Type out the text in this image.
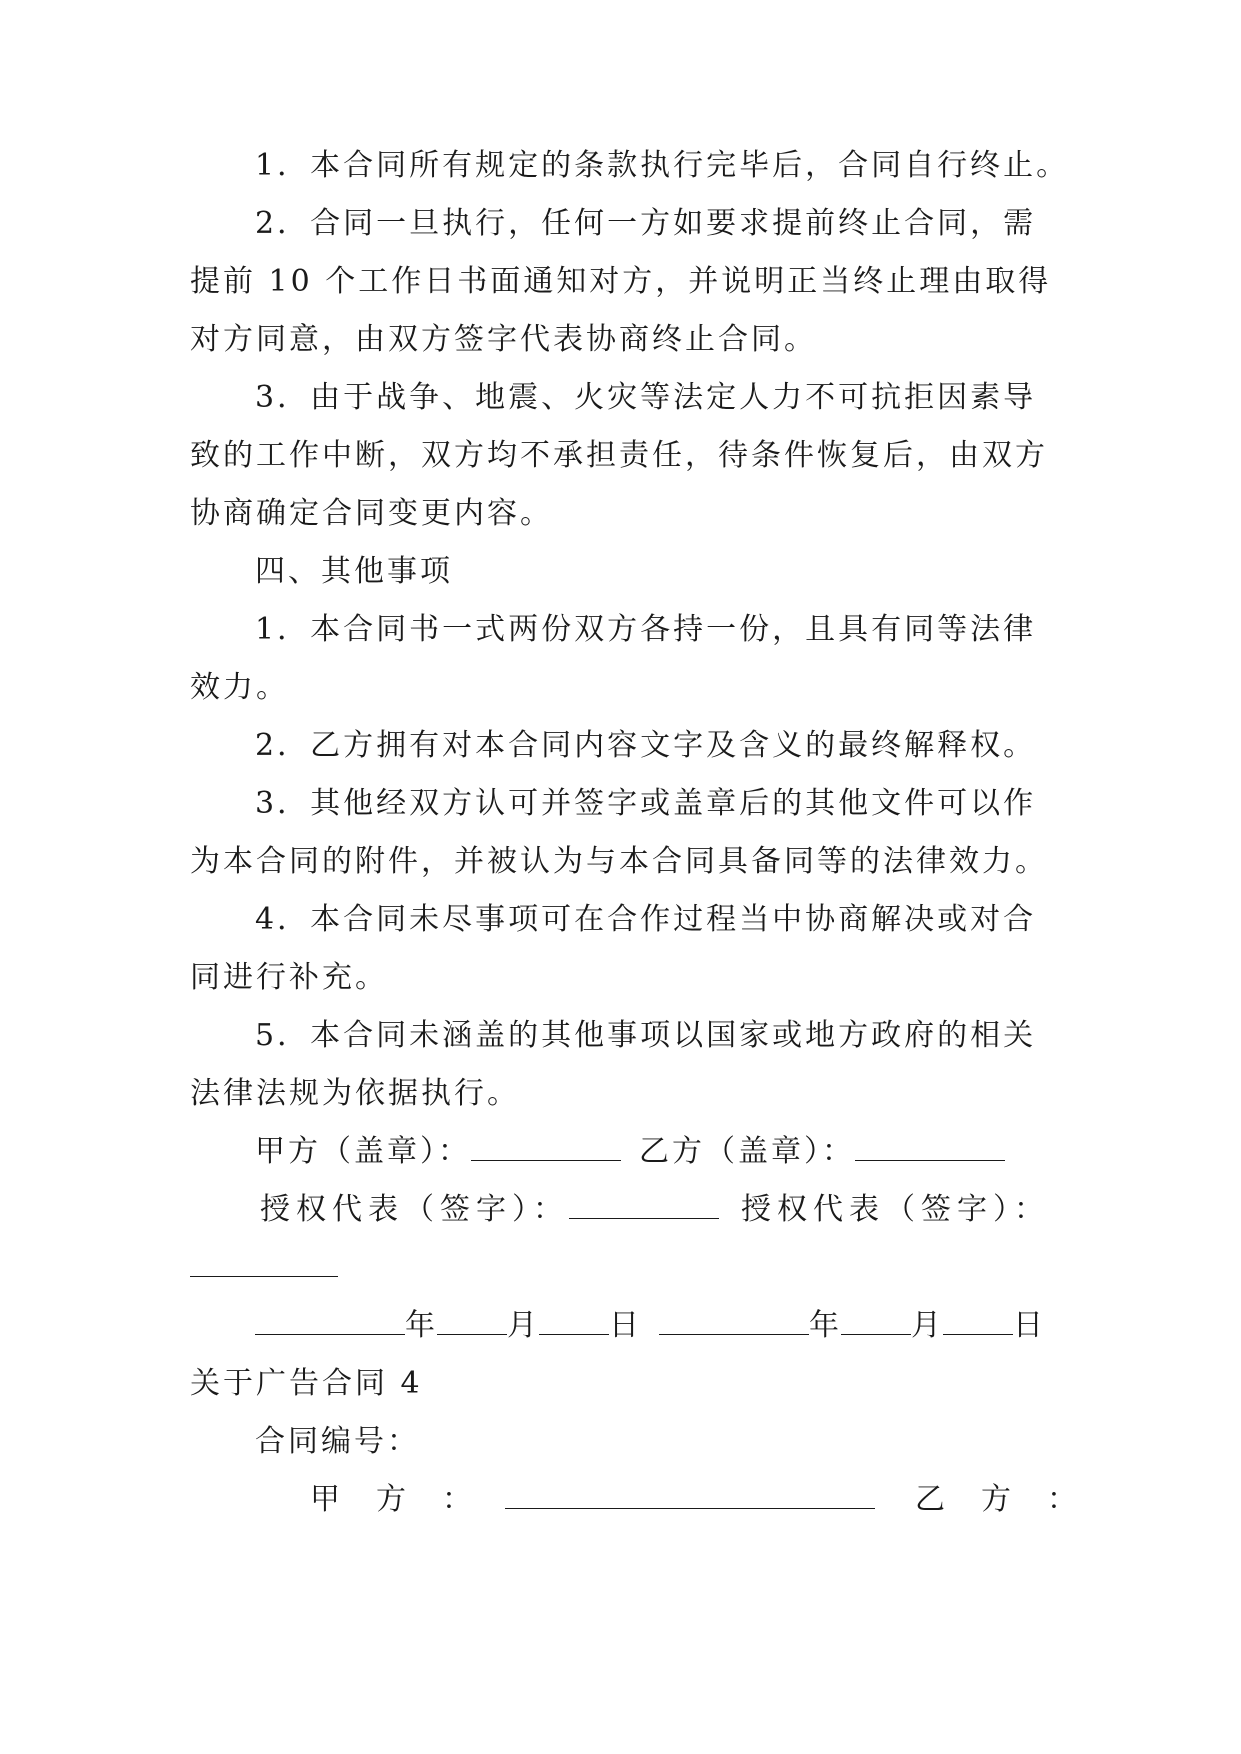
1．本合同所有规定的条款执行完毕后，合同自行终止。
2．合同一旦执行，任何一方如要求提前终止合同，需
提前 10 个工作日书面通知对方，并说明正当终止理由取得
对方同意，由双方签字代表协商终止合同。
3．由于战争、地震、火灾等法定人力不可抗拒因素导
致的工作中断，双方均不承担责任，待条件恢复后，由双方
协商确定合同变更内容。
四、其他事项
1．本合同书一式两份双方各持一份，且具有同等法律
效力。
2．乙方拥有对本合同内容文字及含义的最终解释权。
3．其他经双方认可并签字或盖章后的其他文件可以作
为本合同的附件，并被认为与本合同具备同等的法律效力。
4．本合同未尽事项可在合作过程当中协商解决或对合
同进行补充。
5．本合同未涵盖的其他事项以国家或地方政府的相关
法律法规为依据执行。
甲方（盖章）：	乙方（盖章）：
授权代表（签字）：	授权代表（签字）：
年 月 日	年 月 日
关于广告合同 4
合同编号：
甲　方　：	乙　方　：
